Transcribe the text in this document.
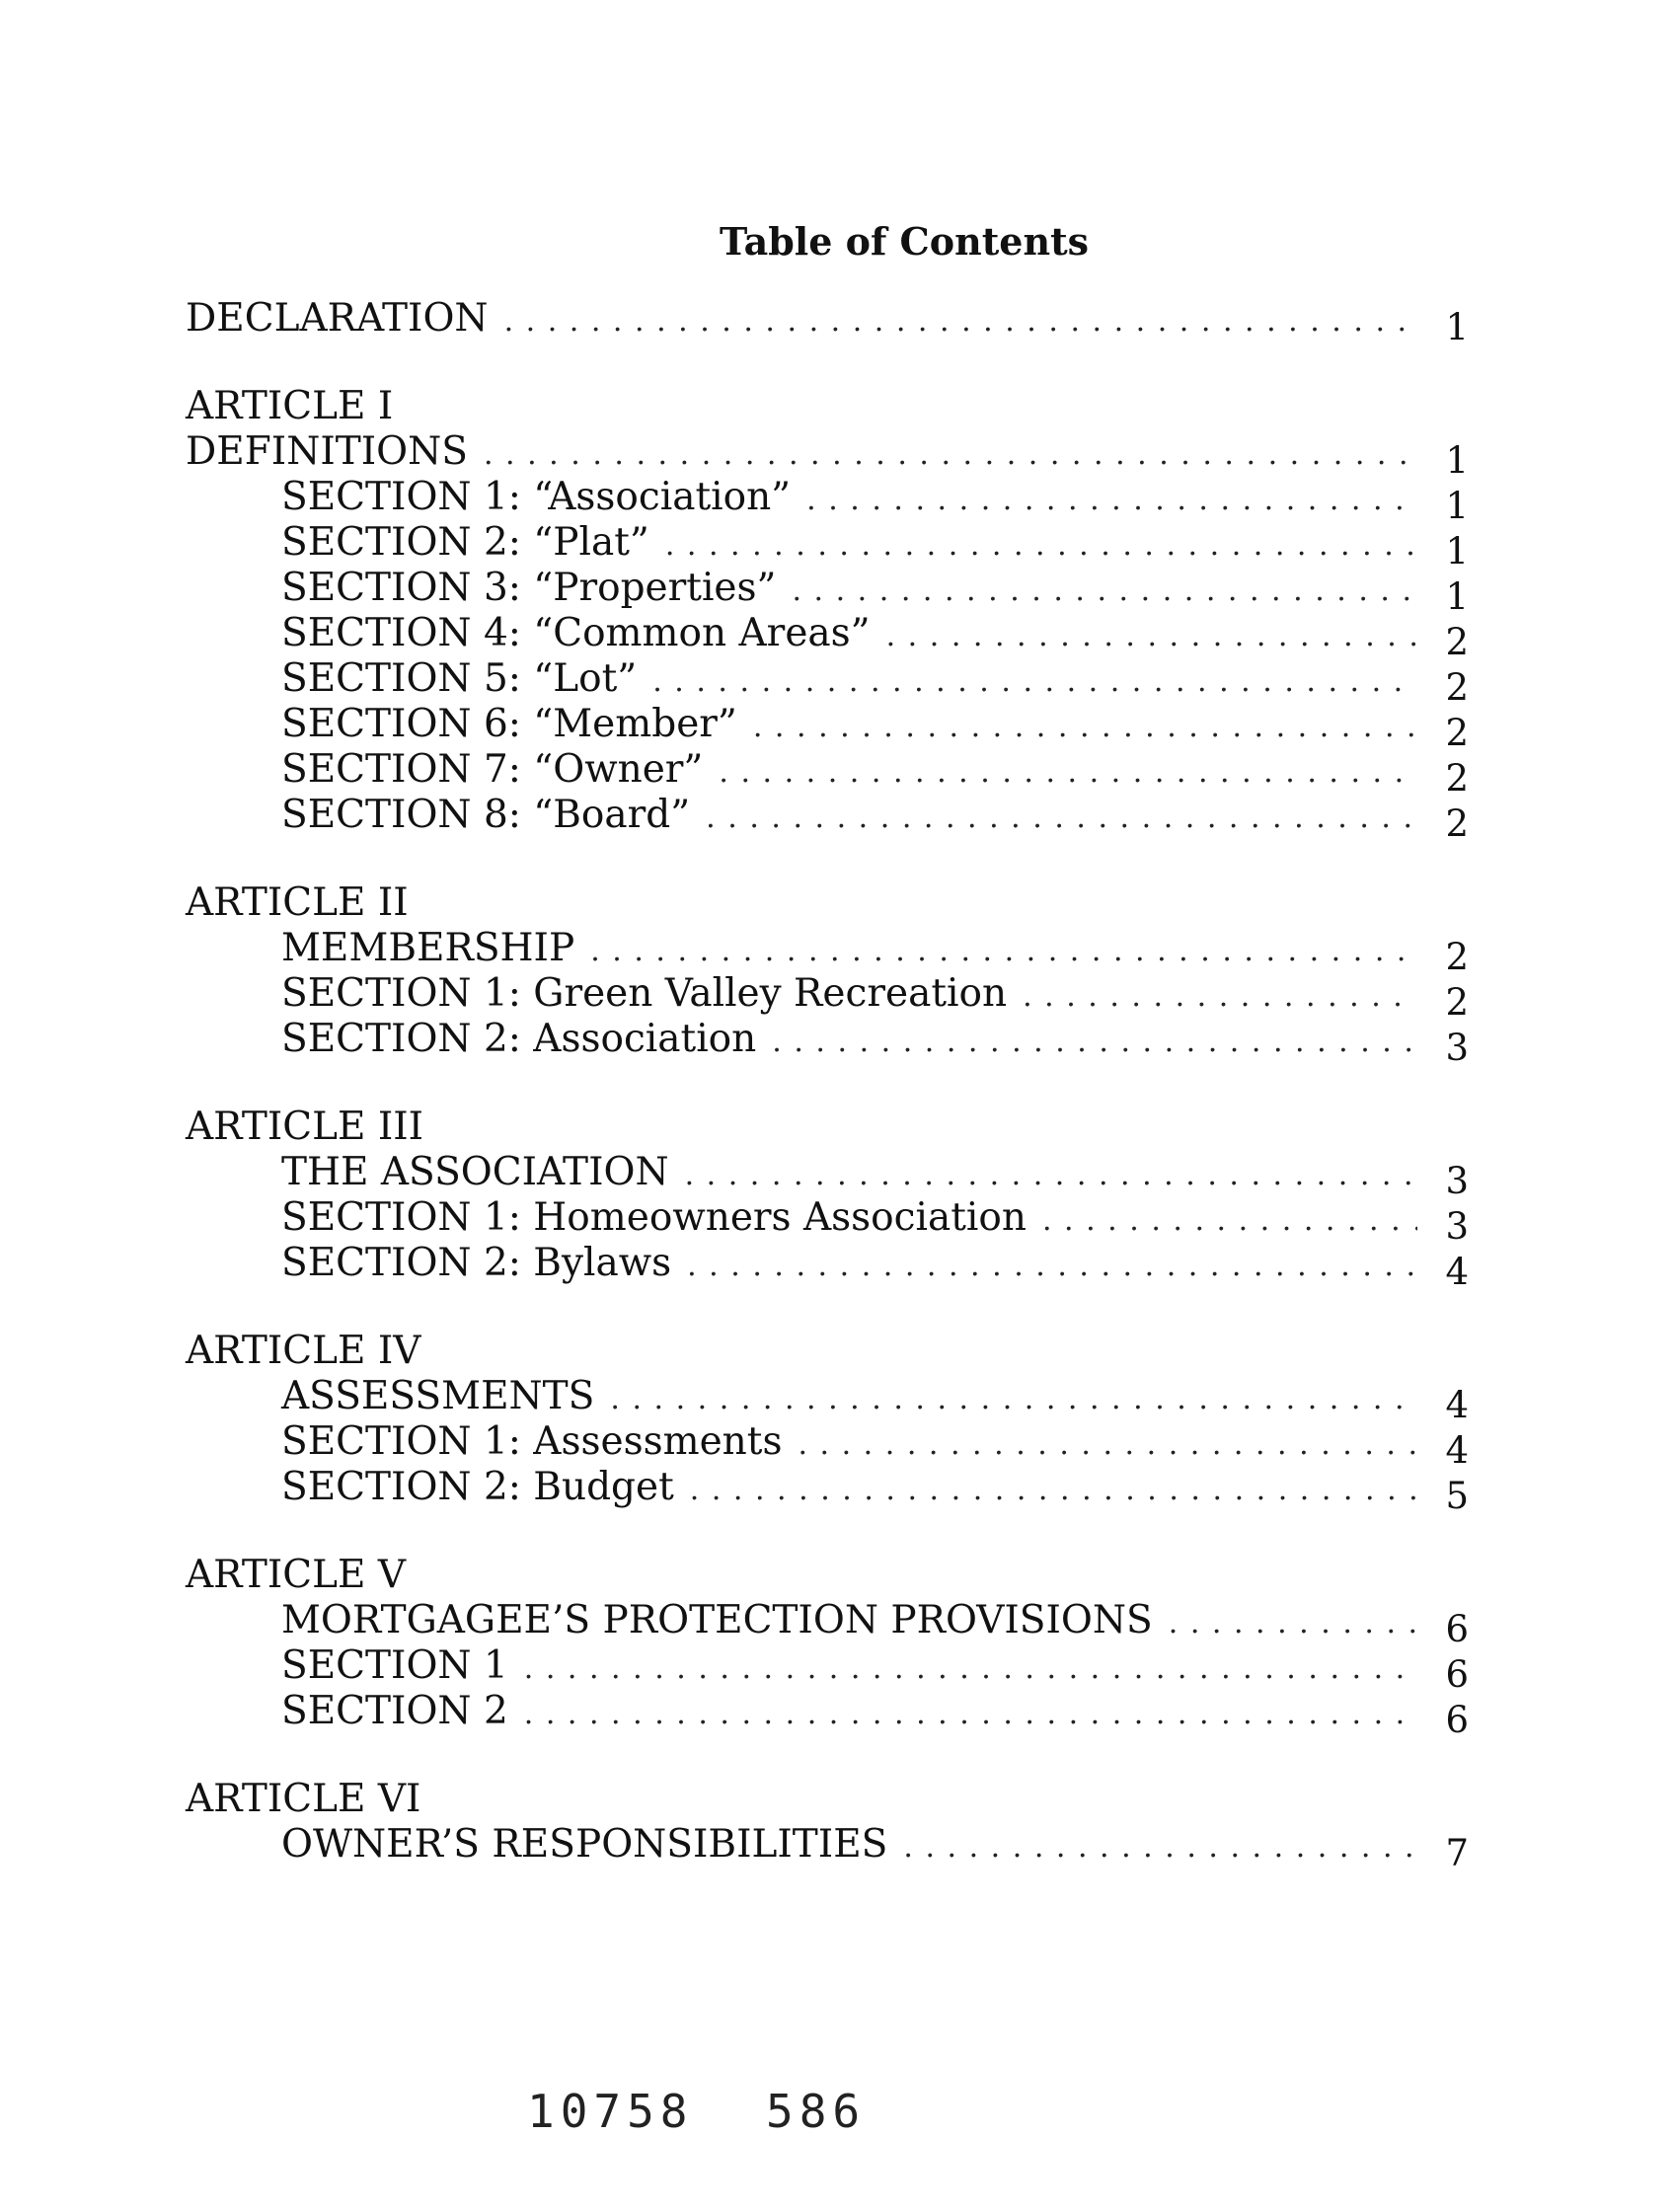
Table of Contents
DECLARATION . . .	1
ARTICLE I
DEFINITIONS . . .	1
SECTION 1: “Association” . . .	1
SECTION 2: “Plat” . . .	1
SECTION 3: “Properties” . . .	1
SECTION 4: “Common Areas” . . .	2
SECTION 5: “Lot” . . .	2
SECTION 6: “Member” . . .	2
SECTION 7: “Owner” . . .	2
SECTION 8: “Board” . . .	2
ARTICLE II
MEMBERSHIP . . .	2
SECTION 1: Green Valley Recreation . . .	2
SECTION 2: Association . . .	3
ARTICLE III
THE ASSOCIATION . . .	3
SECTION 1: Homeowners Association . . .	3
SECTION 2: Bylaws . . .	4
ARTICLE IV
ASSESSMENTS . . .	4
SECTION 1: Assessments . . .	4
SECTION 2: Budget . . .	5
ARTICLE V
MORTGAGEE’S PROTECTION PROVISIONS . . .	6
SECTION 1 . . .	6
SECTION 2 . . .	6
ARTICLE VI
OWNER’S RESPONSIBILITIES . . .	7
10758 586
